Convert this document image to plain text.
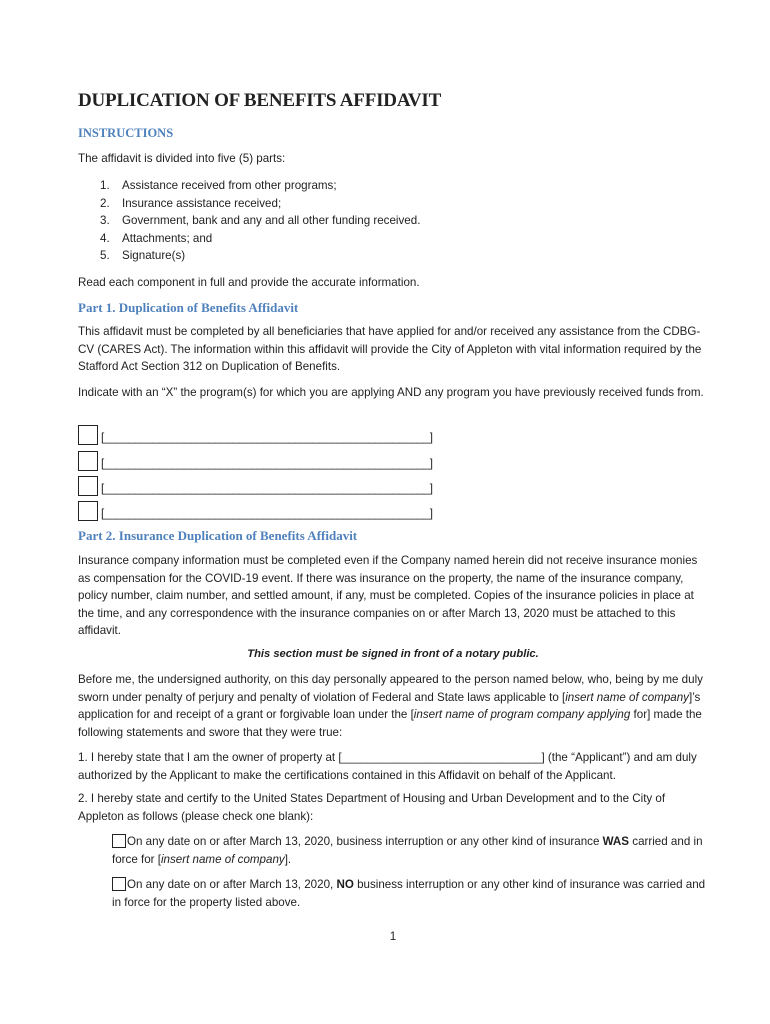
DUPLICATION OF BENEFITS AFFIDAVIT
INSTRUCTIONS

The affidavit is divided into five (5) parts:

1.	Assistance received from other programs;
2.	Insurance assistance received;
3.	Government, bank and any and all other funding received.
4.	Attachments; and
5.	Signature(s)

Read each component in full and provide the accurate information.

Part 1. Duplication of Benefits Affidavit

This affidavit must be completed by all beneficiaries that have applied for and/or received any assistance from the CDBG-CV (CARES Act). The information within this affidavit will provide the City of Appleton with vital information required by the Stafford Act Section 312 on Duplication of Benefits.

Indicate with an “X” the program(s) for which you are applying AND any program you have previously received funds from.

[_____________________________________________________]
[_____________________________________________________]
[_____________________________________________________]
[_____________________________________________________]
Part 2. Insurance Duplication of Benefits Affidavit

Insurance company information must be completed even if the Company named herein did not receive insurance monies as compensation for the COVID-19 event. If there was insurance on the property, the name of the insurance company, policy number, claim number, and settled amount, if any, must be completed. Copies of the insurance policies in place at the time, and any correspondence with the insurance companies on or after March 13, 2020 must be attached to this affidavit.

This section must be signed in front of a notary public.

Before me, the undersigned authority, on this day personally appeared to the person named below, who, being by me duly sworn under penalty of perjury and penalty of violation of Federal and State laws applicable to [insert name of company]’s application for and receipt of a grant or forgivable loan under the [insert name of program company applying for] made the following statements and swore that they were true:

1. I hereby state that I am the owner of property at [_______________________________] (the “Applicant”) and am duly authorized by the Applicant to make the certifications contained in this Affidavit on behalf of the Applicant.

2. I hereby state and certify to the United States Department of Housing and Urban Development and to the City of Appleton as follows (please check one blank):

On any date on or after March 13, 2020, business interruption or any other kind of insurance WAS carried and in force for [insert name of company].

On any date on or after March 13, 2020, NO business interruption or any other kind of insurance was carried and in force for the property listed above.

1
